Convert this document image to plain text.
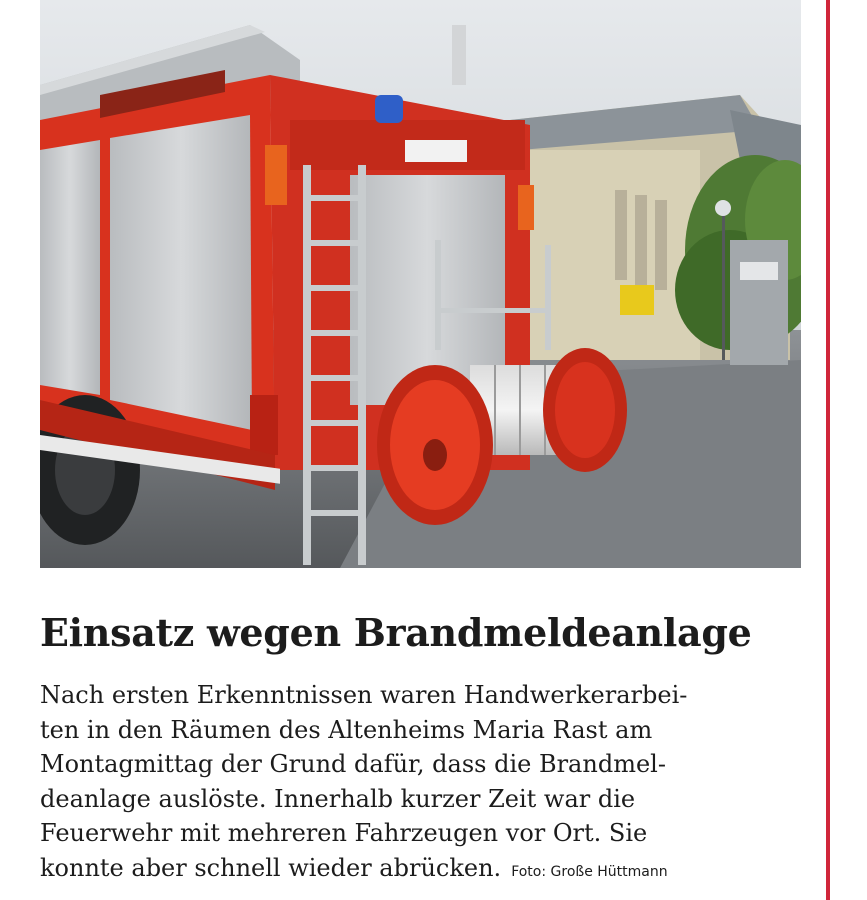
Einsatz wegen Brandmeldeanlage

Nach ersten Erkenntnissen waren Handwerkerarbei-
ten in den Räumen des Altenheims Maria Rast am
Montagmittag der Grund dafür, dass die Brandmel-
deanlage auslöste. Innerhalb kurzer Zeit war die
Feuerwehr mit mehreren Fahrzeugen vor Ort. Sie
konnte aber schnell wieder abrücken. Foto: Große Hüttmann
